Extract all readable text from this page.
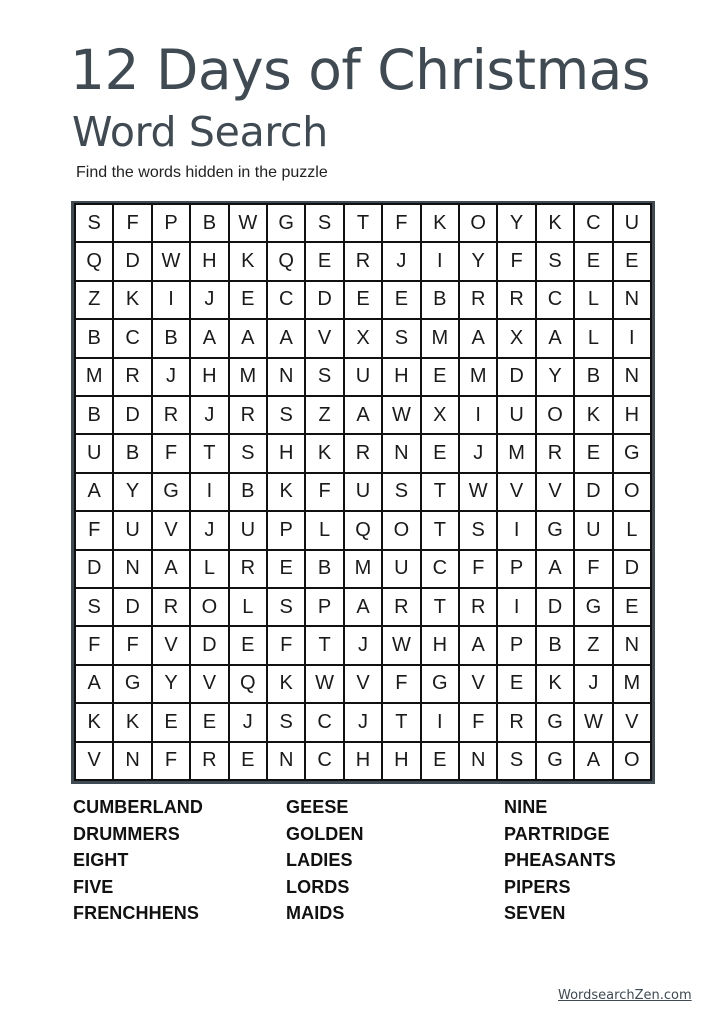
12 Days of Christmas
Word Search
Find the words hidden in the puzzle
S	F	P	B	W	G	S	T	F	K	O	Y	K	C	U
Q	D	W	H	K	Q	E	R	J	I	Y	F	S	E	E
Z	K	I	J	E	C	D	E	E	B	R	R	C	L	N
B	C	B	A	A	A	V	X	S	M	A	X	A	L	I
M	R	J	H	M	N	S	U	H	E	M	D	Y	B	N
B	D	R	J	R	S	Z	A	W	X	I	U	O	K	H
U	B	F	T	S	H	K	R	N	E	J	M	R	E	G
A	Y	G	I	B	K	F	U	S	T	W	V	V	D	O
F	U	V	J	U	P	L	Q	O	T	S	I	G	U	L
D	N	A	L	R	E	B	M	U	C	F	P	A	F	D
S	D	R	O	L	S	P	A	R	T	R	I	D	G	E
F	F	V	D	E	F	T	J	W	H	A	P	B	Z	N
A	G	Y	V	Q	K	W	V	F	G	V	E	K	J	M
K	K	E	E	J	S	C	J	T	I	F	R	G	W	V
V	N	F	R	E	N	C	H	H	E	N	S	G	A	O
CUMBERLAND
DRUMMERS
EIGHT
FIVE
FRENCHHENS
GEESE
GOLDEN
LADIES
LORDS
MAIDS
NINE
PARTRIDGE
PHEASANTS
PIPERS
SEVEN
WordsearchZen.com
